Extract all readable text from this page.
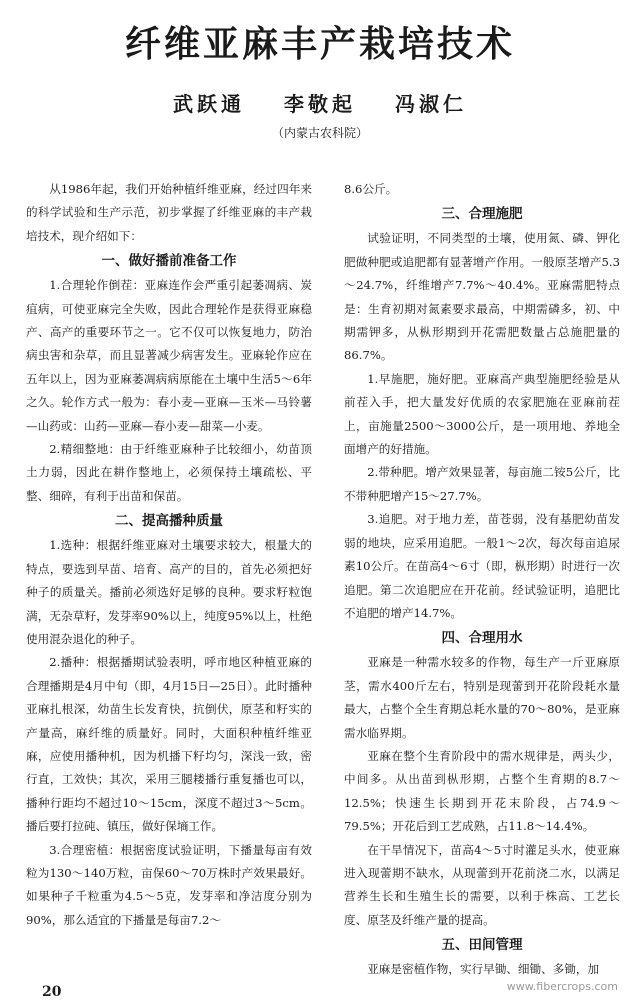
纤维亚麻丰产栽培技术
武跃通 李敬起 冯淑仁
（内蒙古农科院）

从1986年起，我们开始种植纤维亚麻，经过四年来的科学试验和生产示范，初步掌握了纤维亚麻的丰产栽培技术，现介绍如下：

一、做好播前准备工作

1.合理轮作倒茬：亚麻连作会严重引起萎凋病、炭疽病，可使亚麻完全失败，因此合理轮作是获得亚麻稳产、高产的重要环节之一。它不仅可以恢复地力，防治病虫害和杂草，而且显著减少病害发生。亚麻轮作应在五年以上，因为亚麻萎凋病病原能在土壤中生活5～6年之久。轮作方式一般为：春小麦—亚麻—玉米—马铃薯—山药或：山药—亚麻—春小麦—甜菜—小麦。

2.精细整地：由于纤维亚麻种子比较细小，幼苗顶土力弱，因此在耕作整地上，必须保持土壤疏松、平整、细碎，有利于出苗和保苗。

二、提高播种质量

1.选种：根据纤维亚麻对土壤要求较大，根量大的特点，要选到早苗、培育、高产的目的，首先必须把好种子的质量关。播前必须选好足够的良种。要求籽粒饱满，无杂草籽，发芽率90%以上，纯度95%以上，杜绝使用混杂退化的种子。

2.播种：根据播期试验表明，呼市地区种植亚麻的合理播期是4月中旬（即，4月15日—25日）。此时播种亚麻扎根深，幼苗生长发育快，抗倒伏，原茎和籽实的产量高，麻纤维的质量好。同时，大面积种植纤维亚麻，应使用播种机，因为机播下籽均匀，深浅一致，密行直，工效快；其次，采用三腿耧播行重复播也可以，播种行距均不超过10～15cm，深度不超过3～5cm。播后要打拉砘、镇压，做好保墒工作。

3.合理密植：根据密度试验证明，下播量每亩有效粒为130～140万粒，亩保60～70万株时产效果最好。如果种子千粒重为4.5～5克，发芽率和净洁度分别为90%，那么适宜的下播量是每亩7.2～

8.6公斤。

三、合理施肥

试验证明，不同类型的土壤，使用氮、磷、钾化肥做种肥或追肥都有显著增产作用。一般原茎增产5.3～24.7%，纤维增产7.7%～40.4%。亚麻需肥特点是：生育初期对氮素要求最高，中期需磷多，初、中期需钾多，从枞形期到开花需肥数量占总施肥量的86.7%。

1.早施肥，施好肥。亚麻高产典型施肥经验是从前茬入手，把大量发好优质的农家肥施在亚麻前茬上，亩施量2500～3000公斤，是一项用地、养地全面增产的好措施。

2.带种肥。增产效果显著，每亩施二铵5公斤，比不带种肥增产15～27.7%。

3.追肥。对于地力差，苗苍弱，没有基肥幼苗发弱的地块，应采用追肥。一般1～2次，每次每亩追尿素10公斤。在苗高4～6寸（即，枞形期）时进行一次追肥。第二次追肥应在开花前。经试验证明，追肥比不追肥的增产14.7%。

四、合理用水

亚麻是一种需水较多的作物，每生产一斤亚麻原茎，需水400斤左右，特别是现蕾到开花阶段耗水量最大，占整个全生育期总耗水量的70～80%，是亚麻需水临界期。

亚麻在整个生育阶段中的需水规律是，两头少，中间多。从出苗到枞形期，占整个生育期的8.7～12.5%；快速生长期到开花末阶段，占74.9～79.5%；开花后到工艺成熟，占11.8～14.4%。

在干旱情况下，苗高4～5寸时灌足头水，使亚麻进入现蕾期不缺水，从现蕾到开花前浇二水，以满足营养生长和生殖生长的需要，以利于株高、工艺长度、原茎及纤维产量的提高。

五、田间管理

亚麻是密植作物，实行早锄、细锄、多锄，加

20	www.fibercrops.com
